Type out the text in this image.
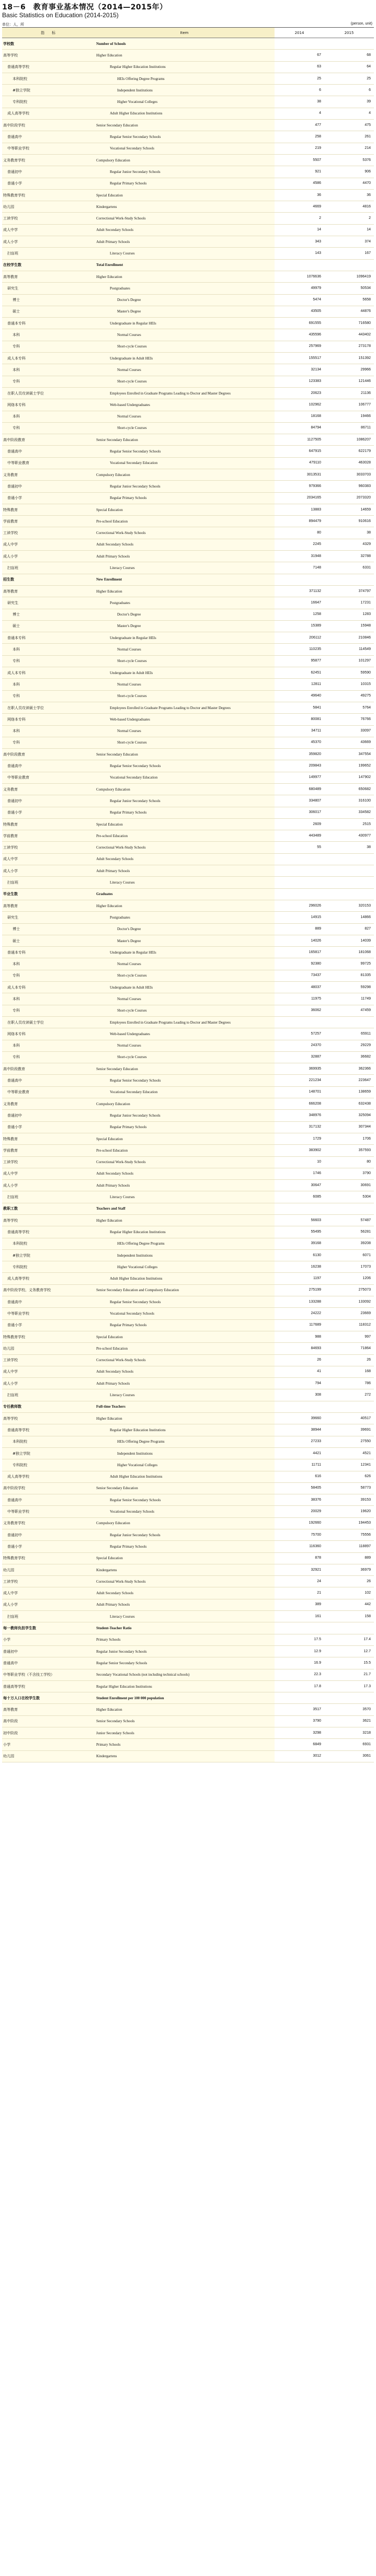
18－6　教育事业基本情况（2014—2015年）
Basic Statistics on Education (2014-2015)
单位：人，所	(person, unit)
指　　标	Item	2014	2015
学校数	Number of Schools		
高等学校	Higher Education	67	68
普通高等学校	Regular Higher Education Institutions	63	64
本科院校	HEIs Offering Degree Programs	25	25
#独立学院	Independent Institutions	6	6
专科院校	Higher Vocational Colleges	38	39
成人高等学校	Adult Higher Education Institutions	4	4
高中阶段学校	Senior Secondary Education	477	475
普通高中	Regular Senior Secondary Schools	258	261
中等职业学校	Vocational Secondary Schools	219	214
义务教育学校	Compulsory Education	5507	5376
普通初中	Regular Junior Secondary Schools	921	906
普通小学	Regular Primary Schools	4586	4470
特殊教育学校	Special Education	36	36
幼儿园	Kindergartens	4669	4816
工读学校	Correctional Work-Study Schools	2	2
成人中学	Adult Secondary Schools	14	14
成人小学	Adult Primary Schools	343	374
扫盲班	Literacy Courses	143	167
在校学生数	Total Enrollment		
高等教育	Higher Education	1076636	1096419
研究生	Postgraduates	49979	50534
博士	Doctor's Degree	5474	5658
硕士	Master's Degree	43505	44876
普通本专科	Undergraduate in Regular HEIs	691555	716580
本科	Normal Courses	435596	443402
专科	Short-cycle Courses	257969	273178
成人本专科	Undergraduate in Adult HEIs	155517	151392
本科	Normal Courses	32134	29966
专科	Short-cycle Courses	123383	121446
在职人员攻读硕士学位	Employees Enrolled in Graduate Programs Leading to Doctor and Master Degrees	20623	21136
网络本专科	Web-based Undergraduates	102962	106777
本科	Normal Courses	18168	19466
专科	Short-cycle Courses	84794	86711
高中阶段教育	Senior Secondary Education	1127505	1086207
普通高中	Regular Senior Secondary Schools	647915	622179
中等职业教育	Vocational Secondary Education	479110	463028
义务教育	Compulsory Education	3013531	3033703
普通初中	Regular Junior Secondary Schools	979366	960383
普通小学	Regular Primary Schools	2034165	2073320
特殊教育	Special Education	13883	14659
学前教育	Pre-school Education	894479	910616
工读学校	Correctional Work-Study Schools	80	38
成人中学	Adult Secondary Schools	2245	4329
成人小学	Adult Primary Schools	31948	32788
扫盲班	Literacy Courses	7148	6331
招生数	New Enrollment		
高等教育	Higher Education	371132	374797
研究生	Postgraduates	16647	17231
博士	Doctor's Degree	1258	1283
硕士	Master's Degree	15389	15948
普通本专科	Undergraduate in Regular HEIs	206112	210846
本科	Normal Courses	110235	114549
专科	Short-cycle Courses	95877	101297
成人本专科	Undergraduate in Adult HEIs	62451	59590
本科	Normal Courses	12811	10315
专科	Short-cycle Courses	49640	49275
在职人员攻读硕士学位	Employees Enrolled in Graduate Programs Leading to Doctor and Master Degrees	5841	5764
网络本专科	Web-based Undergraduates	80081	76766
本科	Normal Courses	34711	33097
专科	Short-cycle Courses	45370	43669
高中阶段教育	Senior Secondary Education	359820	347554
普通高中	Regular Senior Secondary Schools	209843	199652
中等职业教育	Vocational Secondary Education	149977	147902
义务教育	Compulsory Education	680489	650682
普通初中	Regular Junior Secondary Schools	334807	316100
普通小学	Regular Primary Schools	306017	334582
特殊教育	Special Education	2609	2515
学前教育	Pre-school Education	443489	430977
工读学校	Correctional Work-Study Schools	55	38
成人中学	Adult Secondary Schools		
成人小学	Adult Primary Schools		
扫盲班	Literacy Courses		
毕业生数	Graduates		
高等教育	Higher Education	296026	320153
研究生	Postgraduates	14915	14866
博士	Doctor's Degree	889	827
硕士	Master's Degree	14026	14039
普通本专科	Undergraduate in Regular HEIs	165817	181068
本科	Normal Courses	92380	99725
专科	Short-cycle Courses	73437	81335
成人本专科	Undergraduate in Adult HEIs	48037	59298
本科	Normal Courses	11975	11749
专科	Short-cycle Courses	36062	47459
在职人员攻读硕士学位	Employees Enrolled in Graduate Programs Leading to Doctor and Master Degrees		
网络本专科	Web-based Undergraduates	57257	65911
本科	Normal Courses	24370	29229
专科	Short-cycle Courses	32887	36682
高中阶段教育	Senior Secondary Education	369935	362366
普通高中	Regular Senior Secondary Schools	221234	223647
中等职业教育	Vocational Secondary Education	148701	138659
义务教育	Compulsory Education	666208	632438
普通初中	Regular Junior Secondary Schools	348976	325094
普通小学	Regular Primary Schools	317132	307344
特殊教育	Special Education	1729	1706
学前教育	Pre-school Education	383902	357593
工读学校	Correctional Work-Study Schools	10	80
成人中学	Adult Secondary Schools	1746	3790
成人小学	Adult Primary Schools	30647	30691
扫盲班	Literacy Courses	6085	5304
教职工数	Teachers and Staff		
高等学校	Higher Education	56603	57487
普通高等学校	Regular Higher Education Institutions	55495	56281
本科院校	HEIs Offering Degree Programs	39168	39208
#独立学院	Independent Institutions	6130	6071
专科院校	Higher Vocational Colleges	16238	17073
成人高等学校	Adult Higher Education Institutions	1197	1206
高中阶段学校、义务教育学校	Senior Secondary Education and Compulsory Education	275199	275073
普通高中	Regular Senior Secondary Schools	133288	133092
中等职业学校	Vocational Secondary Schools	24222	23669
普通小学	Regular Primary Schools	117689	118312
特殊教育学校	Special Education	988	997
幼儿园	Pre-school Education	84693	71864
工读学校	Correctional Work-Study Schools	26	26
成人中学	Adult Secondary Schools	41	168
成人小学	Adult Primary Schools	794	786
扫盲班	Literacy Courses	308	272
专任教师数	Full-time Teachers		
高等学校	Higher Education	39660	40517
普通高等学校	Regular Higher Education Institutions	38944	39691
本科院校	HEIs Offering Degree Programs	27233	27550
#独立学院	Independent Institutions	4421	4521
专科院校	Higher Vocational Colleges	11711	12341
成人高等学校	Adult Higher Education Institutions	616	626
高中阶段学校	Senior Secondary Education	58405	58773
普通高中	Regular Senior Secondary Schools	38376	39153
中等职业学校	Vocational Secondary Schools	20029	19620
义务教育学校	Compulsory Education	192660	194453
普通初中	Regular Junior Secondary Schools	75700	75556
普通小学	Regular Primary Schools	116360	118897
特殊教育学校	Special Education	878	889
幼儿园	Kindergartens	32921	36979
工读学校	Correctional Work-Study Schools	24	26
成人中学	Adult Secondary Schools	21	102
成人小学	Adult Primary Schools	389	442
扫盲班	Literacy Courses	161	158
每一教师负担学生数	Student-Teacher Ratio		
小学	Primary Schools	17.5	17.4
普通初中	Regular Junior Secondary Schools	12.9	12.7
普通高中	Regular Senior Secondary Schools	16.9	15.5
中等职业学校（不含技工学校）	Secondary Vocational Schools (not including technical schools)	22.3	21.7
普通高等学校	Regular Higher Education Institutions	17.8	17.3
每十万人口在校学生数	Student Enrollment per 100 000 population		
高等教育	Higher Education	3517	3570
高中阶段	Senior Secondary Schools	3790	3621
初中阶段	Junior Secondary Schools	3298	3218
小学	Primary Schools	6849	6931
幼儿园	Kindergartens	3012	3061
